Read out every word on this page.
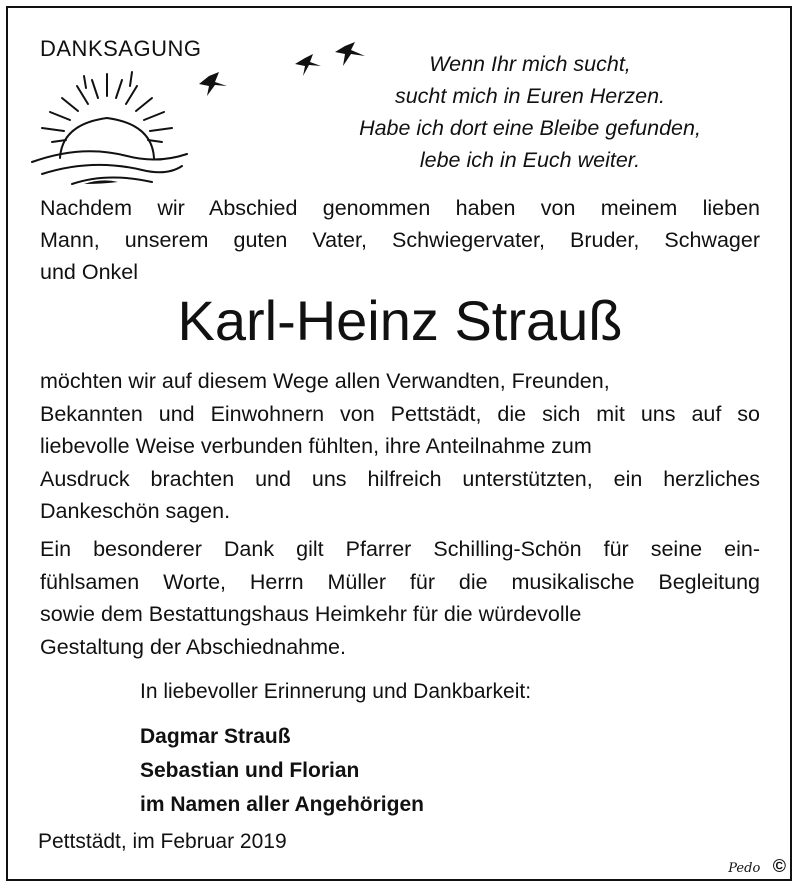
DANKSAGUNG
Wenn Ihr mich sucht,
sucht mich in Euren Herzen.
Habe ich dort eine Bleibe gefunden,
lebe ich in Euch weiter.
Nachdem wir Abschied genommen haben von meinem lieben
Mann, unserem guten Vater, Schwiegervater, Bruder, Schwager
und Onkel
Karl-Heinz Strauß
möchten wir auf diesem Wege allen Verwandten, Freunden,
Bekannten und Einwohnern von Pettstädt, die sich mit uns auf so
liebevolle Weise verbunden fühlten, ihre Anteilnahme zum
Ausdruck brachten und uns hilfreich unterstützten, ein herzliches
Dankeschön sagen.
Ein besonderer Dank gilt Pfarrer Schilling-Schön für seine ein-
fühlsamen Worte, Herrn Müller für die musikalische Begleitung
sowie dem Bestattungshaus Heimkehr für die würdevolle
Gestaltung der Abschiednahme.
In liebevoller Erinnerung und Dankbarkeit:
Dagmar Strauß
Sebastian und Florian
im Namen aller Angehörigen
Pettstädt, im Februar 2019
Pedo ©
